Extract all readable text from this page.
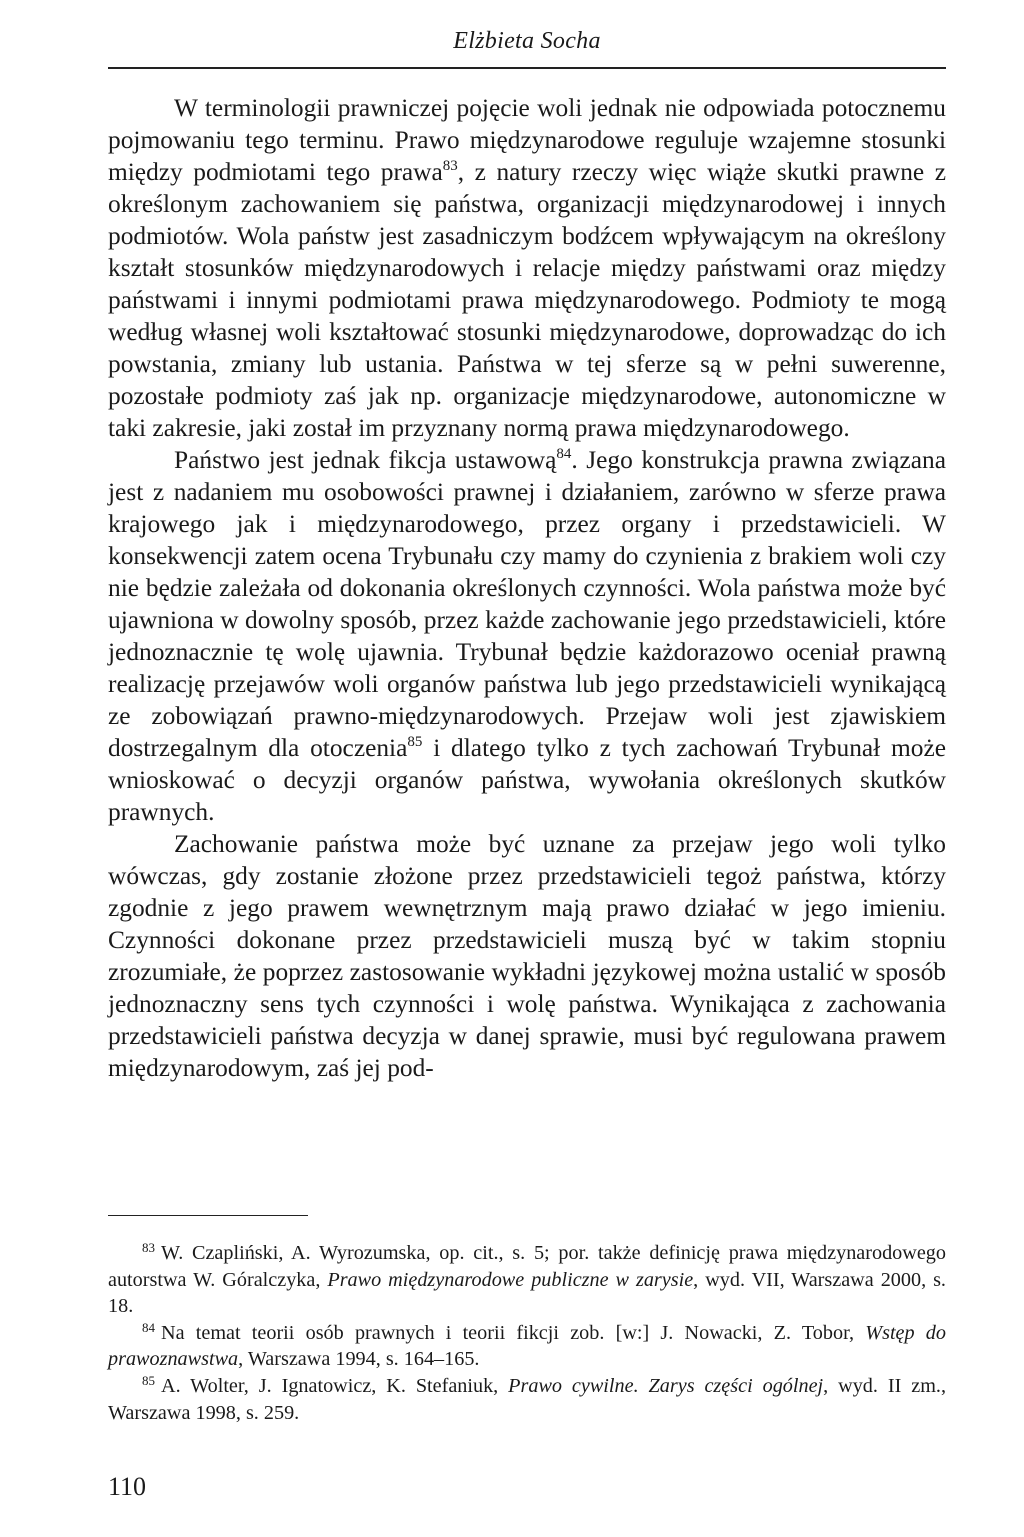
Elżbieta Socha

W terminologii prawniczej pojęcie woli jednak nie odpowiada potocznemu pojmowaniu tego terminu. Prawo międzynarodowe reguluje wzajemne stosunki między podmiotami tego prawa$^{83}$, z natury rzeczy więc wiąże skutki prawne z określonym zachowaniem się państwa, organizacji międzynarodowej i innych podmiotów. Wola państw jest zasadniczym bodźcem wpływającym na określony kształt stosunków międzynarodowych i relacje między państwami oraz między państwami i innymi podmiotami prawa międzynarodowego. Podmioty te mogą według własnej woli kształtować stosunki międzynarodowe, doprowadząc do ich powstania, zmiany lub ustania. Państwa w tej sferze są w pełni suwerenne, pozostałe podmioty zaś jak np. organizacje międzynarodowe, autonomiczne w taki zakresie, jaki został im przyznany normą prawa międzynarodowego.

Państwo jest jednak fikcja ustawową$^{84}$. Jego konstrukcja prawna związana jest z nadaniem mu osobowości prawnej i działaniem, zarówno w sferze prawa krajowego jak i międzynarodowego, przez organy i przedstawicieli. W konsekwencji zatem ocena Trybunału czy mamy do czynienia z brakiem woli czy nie będzie zależała od dokonania określonych czynności. Wola państwa może być ujawniona w dowolny sposób, przez każde zachowanie jego przedstawicieli, które jednoznacznie tę wolę ujawnia. Trybunał będzie każdorazowo oceniał prawną realizację przejawów woli organów państwa lub jego przedstawicieli wynikającą ze zobowiązań prawno-międzynarodowych. Przejaw woli jest zjawiskiem dostrzegalnym dla otoczenia$^{85}$ i dlatego tylko z tych zachowań Trybunał może wnioskować o decyzji organów państwa, wywołania określonych skutków prawnych.

Zachowanie państwa może być uznane za przejaw jego woli tylko wówczas, gdy zostanie złożone przez przedstawicieli tegoż państwa, którzy zgodnie z jego prawem wewnętrznym mają prawo działać w jego imieniu. Czynności dokonane przez przedstawicieli muszą być w takim stopniu zrozumiałe, że poprzez zastosowanie wykładni językowej można ustalić w sposób jednoznaczny sens tych czynności i wolę państwa. Wynikająca z zachowania przedstawicieli państwa decyzja w danej sprawie, musi być regulowana prawem międzynarodowym, zaś jej pod-

$^{83}$ W. Czapliński, A. Wyrozumska, op. cit., s. 5; por. także definicję prawa międzynarodowego autorstwa W. Góralczyka, Prawo międzynarodowe publiczne w zarysie, wyd. VII, Warszawa 2000, s. 18.

$^{84}$ Na temat teorii osób prawnych i teorii fikcji zob. [w:] J. Nowacki, Z. Tobor, Wstęp do prawoznawstwa, Warszawa 1994, s. 164–165.

$^{85}$ A. Wolter, J. Ignatowicz, K. Stefaniuk, Prawo cywilne. Zarys części ogólnej, wyd. II zm., Warszawa 1998, s. 259.

110
